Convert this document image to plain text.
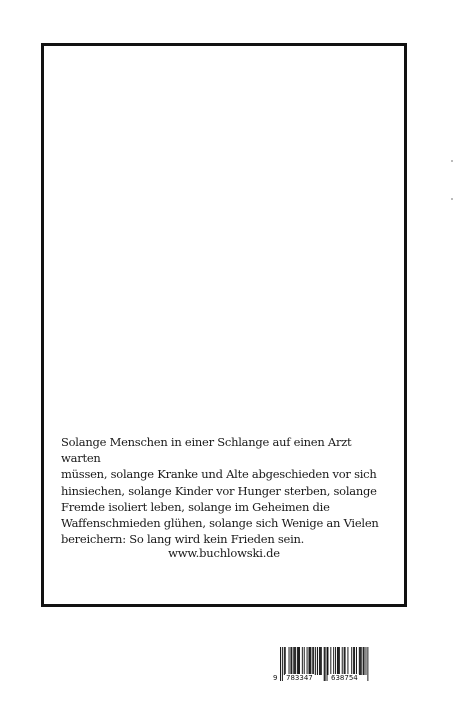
Solange Menschen in einer Schlange auf einen Arzt warten
müssen, solange Kranke und Alte abgeschieden vor sich
hinsiechen, solange Kinder vor Hunger sterben, solange
Fremde isoliert leben, solange im Geheimen die
Waffenschmieden glühen, solange sich Wenige an Vielen
bereichern: So lang wird kein Frieden sein.

www.buchlowski.de
9 783347	638754
